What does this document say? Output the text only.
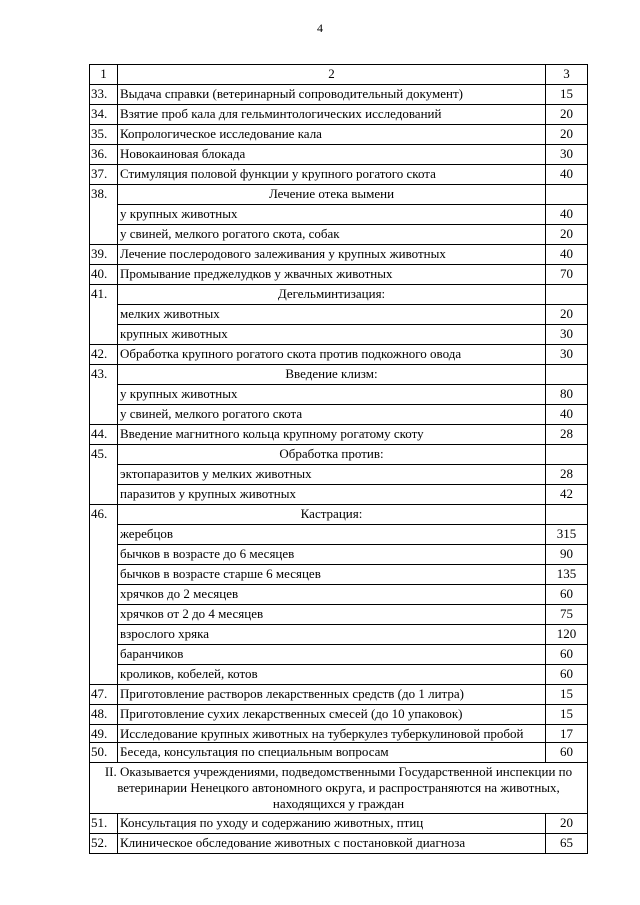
4
1	2	3
33.	Выдача справки (ветеринарный сопроводительный документ)	15
34.	Взятие проб кала для гельминтологических исследований	20
35.	Копрологическое исследование кала	20
36.	Новокаиновая блокада	30
37.	Стимуляция половой функции у крупного рогатого скота	40
38.	Лечение отека вымени	
	у крупных животных	40
	у свиней, мелкого рогатого скота, собак	20
39.	Лечение послеродового залеживания у крупных животных	40
40.	Промывание преджелудков у жвачных животных	70
41.	Дегельминтизация:	
	мелких животных	20
	крупных животных	30
42.	Обработка крупного рогатого скота против подкожного овода	30
43.	Введение клизм:	
	у крупных животных	80
	у свиней, мелкого рогатого скота	40
44.	Введение магнитного кольца крупному рогатому скоту	28
45.	Обработка против:	
	эктопаразитов у мелких животных	28
	паразитов у крупных животных	42
46.	Кастрация:	
	жеребцов	315
	бычков в возрасте до 6 месяцев	90
	бычков в возрасте старше 6 месяцев	135
	хрячков до 2 месяцев	60
	хрячков от 2 до 4 месяцев	75
	взрослого хряка	120
	баранчиков	60
	кроликов, кобелей, котов	60
47.	Приготовление растворов лекарственных средств (до 1 литра)	15
48.	Приготовление сухих лекарственных смесей (до 10 упаковок)	15
49.	Исследование крупных животных на туберкулез туберкулиновой пробой	17
50.	Беседа, консультация по специальным вопросам	60
II. Оказывается учреждениями, подведомственными Государственной инспекции по ветеринарии Ненецкого автономного округа, и распространяются на животных, находящихся у граждан		
51.	Консультация по уходу и содержанию животных, птиц	20
52.	Клиническое обследование животных с постановкой диагноза	65
